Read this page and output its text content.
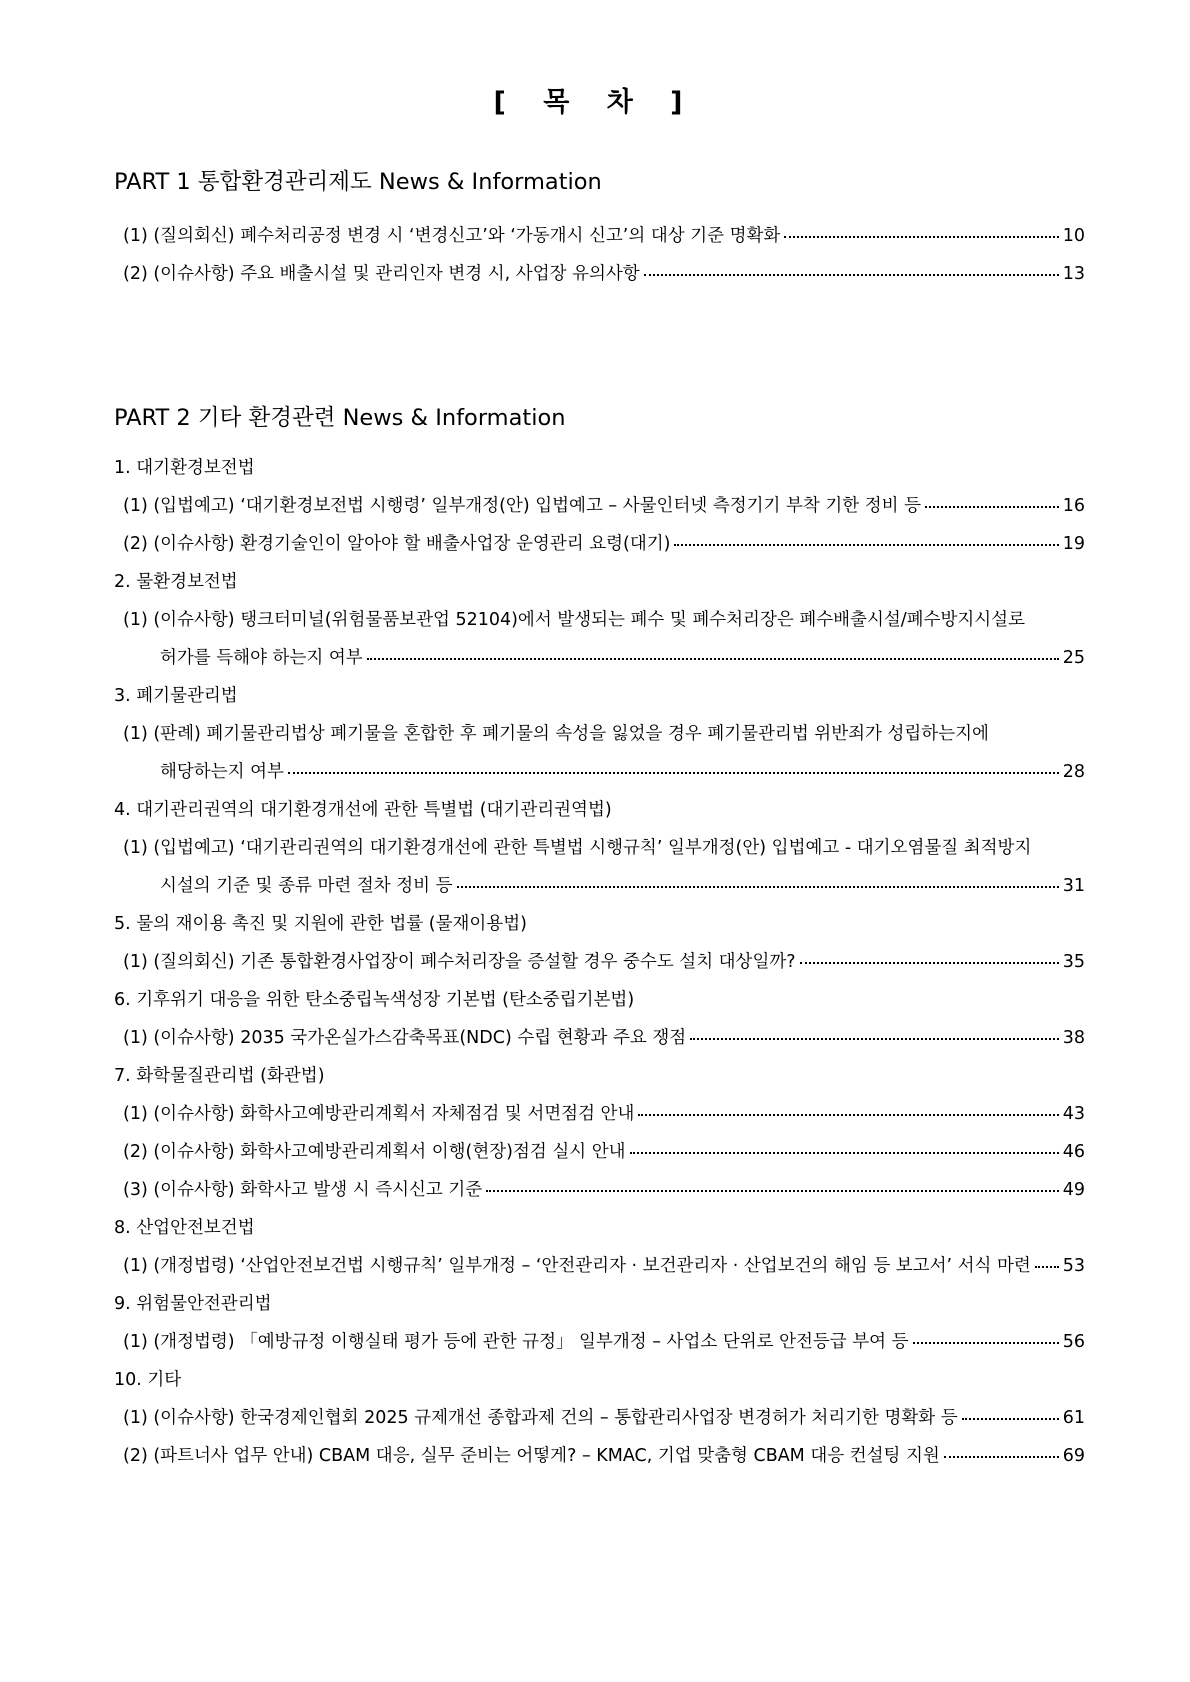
[ 목 차 ]
PART 1 통합환경관리제도 News & Information
(1) (질의회신) 폐수처리공정 변경 시 ‘변경신고’와 ‘가동개시 신고’의 대상 기준 명확화	10
(2) (이슈사항) 주요 배출시설 및 관리인자 변경 시, 사업장 유의사항	13
PART 2 기타 환경관련 News & Information
1. 대기환경보전법
(1) (입법예고) ‘대기환경보전법 시행령’ 일부개정(안) 입법예고 – 사물인터넷 측정기기 부착 기한 정비 등	16
(2) (이슈사항) 환경기술인이 알아야 할 배출사업장 운영관리 요령(대기)	19
2. 물환경보전법
(1) (이슈사항) 탱크터미널(위험물품보관업 52104)에서 발생되는 폐수 및 폐수처리장은 폐수배출시설/폐수방지시설로
허가를 득해야 하는지 여부	25
3. 폐기물관리법
(1) (판례) 폐기물관리법상 폐기물을 혼합한 후 폐기물의 속성을 잃었을 경우 폐기물관리법 위반죄가 성립하는지에
해당하는지 여부	28
4. 대기관리권역의 대기환경개선에 관한 특별법 (대기관리권역법)
(1) (입법예고) ‘대기관리권역의 대기환경개선에 관한 특별법 시행규칙’ 일부개정(안) 입법예고 - 대기오염물질 최적방지
시설의 기준 및 종류 마련 절차 정비 등	31
5. 물의 재이용 촉진 및 지원에 관한 법률 (물재이용법)
(1) (질의회신) 기존 통합환경사업장이 폐수처리장을 증설할 경우 중수도 설치 대상일까?	35
6. 기후위기 대응을 위한 탄소중립녹색성장 기본법 (탄소중립기본법)
(1) (이슈사항) 2035 국가온실가스감축목표(NDC) 수립 현황과 주요 쟁점	38
7. 화학물질관리법 (화관법)
(1) (이슈사항) 화학사고예방관리계획서 자체점검 및 서면점검 안내	43
(2) (이슈사항) 화학사고예방관리계획서 이행(현장)점검 실시 안내	46
(3) (이슈사항) 화학사고 발생 시 즉시신고 기준	49
8. 산업안전보건법
(1) (개정법령) ‘산업안전보건법 시행규칙’ 일부개정 – ‘안전관리자 · 보건관리자 · 산업보건의 해임 등 보고서’ 서식 마련 53
9. 위험물안전관리법
(1) (개정법령) 「예방규정 이행실태 평가 등에 관한 규정」 일부개정 – 사업소 단위로 안전등급 부여 등	56
10. 기타
(1) (이슈사항) 한국경제인협회 2025 규제개선 종합과제 건의 – 통합관리사업장 변경허가 처리기한 명확화 등	61
(2) (파트너사 업무 안내) CBAM 대응, 실무 준비는 어떻게? – KMAC, 기업 맞춤형 CBAM 대응 컨설팅 지원	69
